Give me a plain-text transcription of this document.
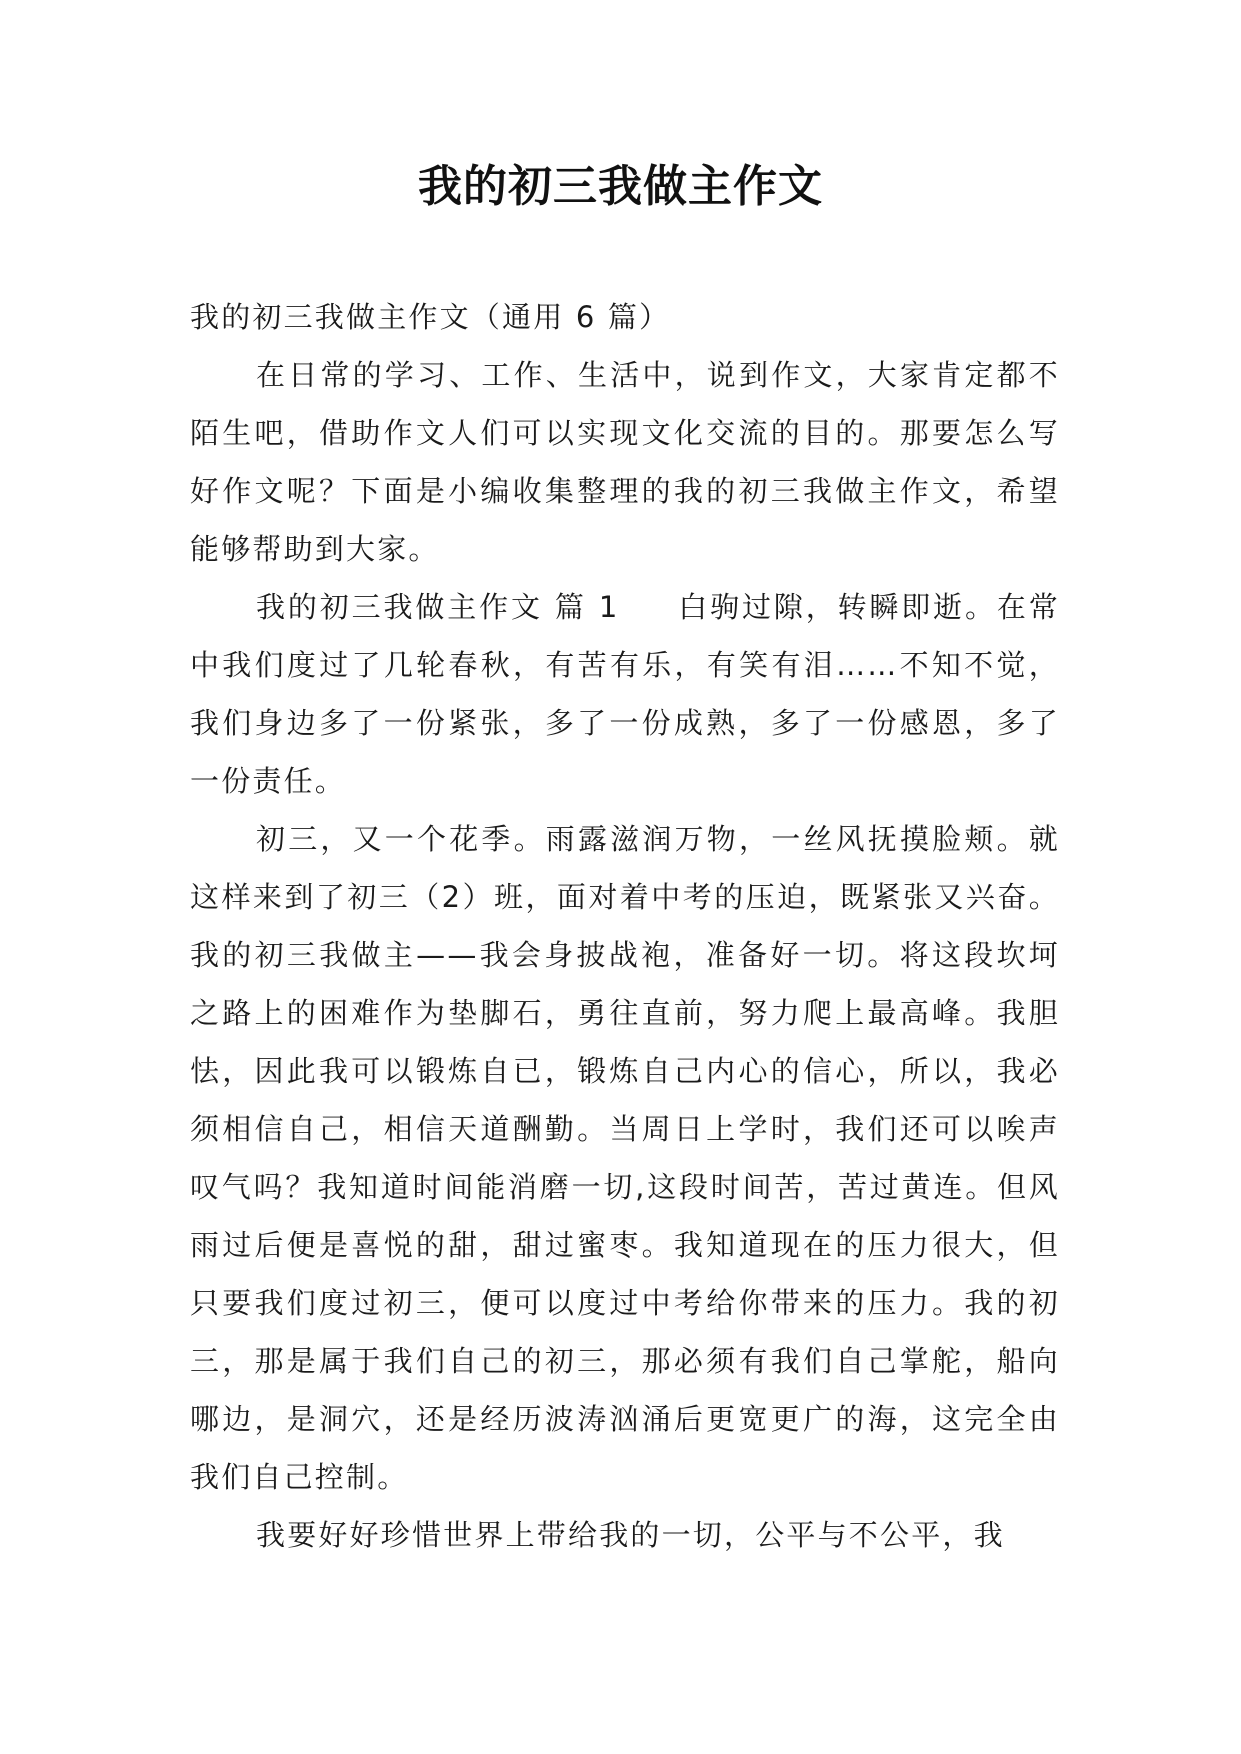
我的初三我做主作文

我的初三我做主作文（通用 6 篇）

在日常的学习、工作、生活中，说到作文，大家肯定都不陌生吧，借助作文人们可以实现文化交流的目的。那要怎么写好作文呢？下面是小编收集整理的我的初三我做主作文，希望能够帮助到大家。

我的初三我做主作文 篇 1 白驹过隙，转瞬即逝。在常中我们度过了几轮春秋，有苦有乐，有笑有泪……不知不觉，我们身边多了一份紧张，多了一份成熟，多了一份感恩，多了一份责任。

初三，又一个花季。雨露滋润万物，一丝风抚摸脸颊。就这样来到了初三（2）班，面对着中考的压迫，既紧张又兴奋。我的初三我做主——我会身披战袍，准备好一切。将这段坎坷之路上的困难作为垫脚石，勇往直前，努力爬上最高峰。我胆怯，因此我可以锻炼自已，锻炼自己内心的信心，所以，我必须相信自己，相信天道酬勤。当周日上学时，我们还可以唉声叹气吗？我知道时间能消磨一切,这段时间苦，苦过黄连。但风雨过后便是喜悦的甜，甜过蜜枣。我知道现在的压力很大，但只要我们度过初三，便可以度过中考给你带来的压力。我的初三，那是属于我们自己的初三，那必须有我们自己掌舵，船向哪边，是洞穴，还是经历波涛汹涌后更宽更广的海，这完全由我们自己控制。

我要好好珍惜世界上带给我的一切，公平与不公平，我
